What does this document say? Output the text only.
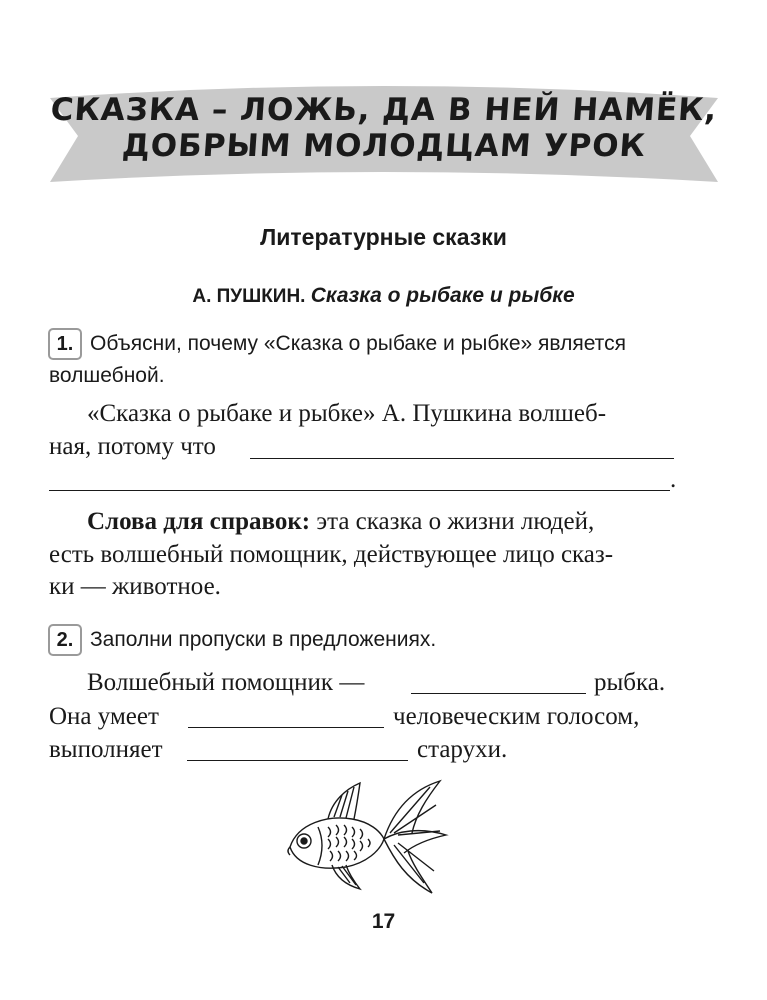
СКАЗКА – ЛОЖЬ, ДА В НЕЙ НАМЁК,
ДОБРЫМ МОЛОДЦАМ УРОК
Литературные сказки
А. ПУШКИН. Сказка о рыбаке и рыбке
1. Объясни, почему «Сказка о рыбаке и рыбке» является
волшебной.
«Сказка о рыбаке и рыбке» А. Пушкина волшеб-
ная, потому что
.
Слова для справок: эта сказка о жизни людей,
есть волшебный помощник, действующее лицо сказ-
ки — животное.
2. Заполни пропуски в предложениях.
Волшебный помощник —	рыбка.
Она умеет	человеческим голосом,
выполняет	старухи.
17
